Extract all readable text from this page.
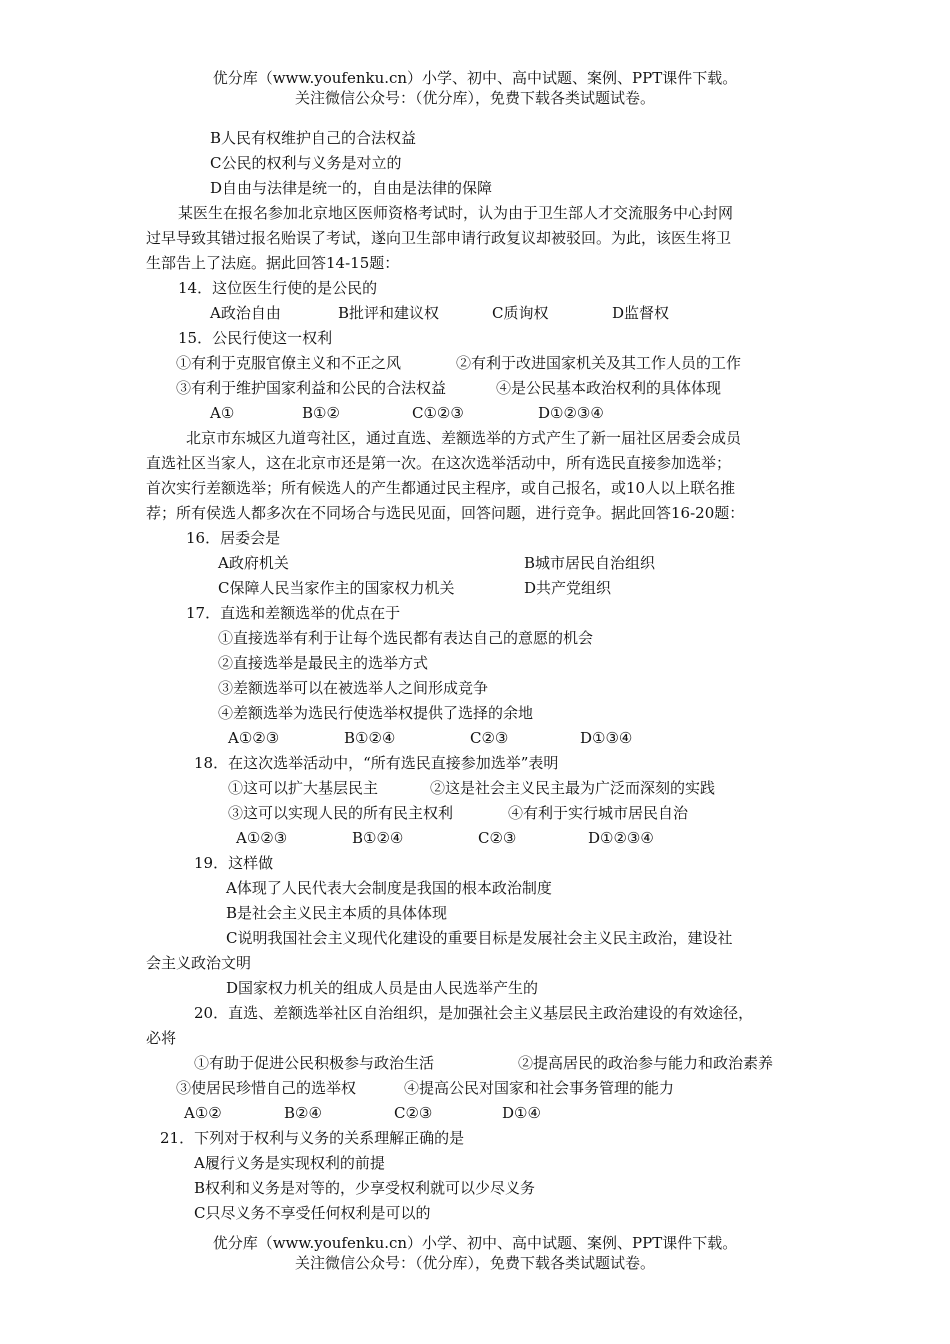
优分库（www.youfenku.cn）小学、初中、高中试题、案例、PPT课件下载。
关注微信公众号：（优分库），免费下载各类试题试卷。
B人民有权维护自己的合法权益
C公民的权利与义务是对立的
D自由与法律是统一的，自由是法律的保障
某医生在报名参加北京地区医师资格考试时，认为由于卫生部人才交流服务中心封网
过早导致其错过报名贻误了考试，遂向卫生部申请行政复议却被驳回。为此，该医生将卫
生部告上了法庭。据此回答14-15题：
14．这位医生行使的是公民的
A政治自由	B批评和建议权	C质询权	D监督权
15．公民行使这一权利
①有利于克服官僚主义和不正之风	②有利于改进国家机关及其工作人员的工作
③有利于维护国家利益和公民的合法权益	④是公民基本政治权利的具体体现
A①	B①②	C①②③	D①②③④
北京市东城区九道弯社区，通过直选、差额选举的方式产生了新一届社区居委会成员
直选社区当家人，这在北京市还是第一次。在这次选举活动中，所有选民直接参加选举；
首次实行差额选举；所有候选人的产生都通过民主程序，或自己报名，或10人以上联名推
荐；所有侯选人都多次在不同场合与选民见面，回答问题，进行竞争。据此回答16-20题：
16．居委会是
A政府机关	B城市居民自治组织
C保障人民当家作主的国家权力机关	D共产党组织
17．直选和差额选举的优点在于
①直接选举有利于让每个选民都有表达自己的意愿的机会
②直接选举是最民主的选举方式
③差额选举可以在被选举人之间形成竞争
④差额选举为选民行使选举权提供了选择的余地
A①②③	B①②④	C②③	D①③④
18．在这次选举活动中，“所有选民直接参加选举”表明
①这可以扩大基层民主	②这是社会主义民主最为广泛而深刻的实践
③这可以实现人民的所有民主权利	④有利于实行城市居民自治
A①②③	B①②④	C②③	D①②③④
19．这样做
A体现了人民代表大会制度是我国的根本政治制度
B是社会主义民主本质的具体体现
C说明我国社会主义现代化建设的重要目标是发展社会主义民主政治，建设社
会主义政治文明
D国家权力机关的组成人员是由人民选举产生的
20．直选、差额选举社区自治组织，是加强社会主义基层民主政治建设的有效途径，
必将
①有助于促进公民积极参与政治生活	②提高居民的政治参与能力和政治素养
③使居民珍惜自己的选举权	④提高公民对国家和社会事务管理的能力
A①②	B②④	C②③	D①④
21．下列对于权利与义务的关系理解正确的是
A履行义务是实现权利的前提
B权利和义务是对等的，少享受权利就可以少尽义务
C只尽义务不享受任何权利是可以的
优分库（www.youfenku.cn）小学、初中、高中试题、案例、PPT课件下载。
关注微信公众号：（优分库），免费下载各类试题试卷。
